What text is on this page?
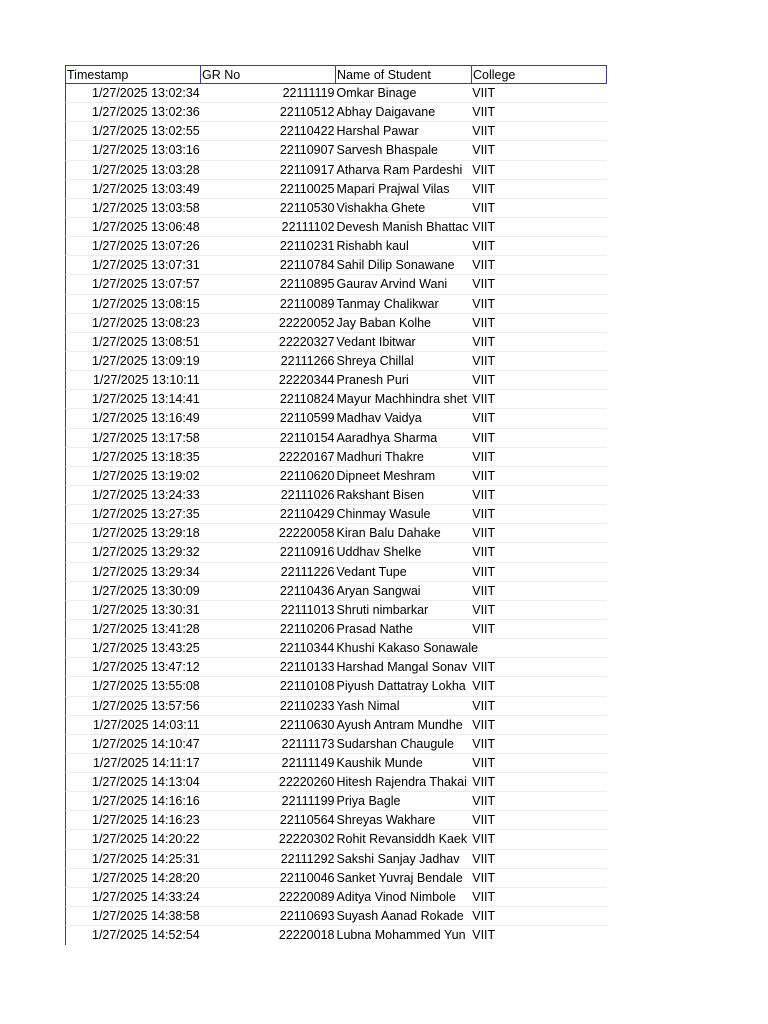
Timestamp	GR No	Name of Student	College
1/27/2025 13:02:34	22111119 Omkar Binage	VIIT
1/27/2025 13:02:36	22110512 Abhay Daigavane	VIIT
1/27/2025 13:02:55	22110422 Harshal Pawar	VIIT
1/27/2025 13:03:16	22110907 Sarvesh Bhaspale	VIIT
1/27/2025 13:03:28	22110917 Atharva Ram Pardeshi VIIT
1/27/2025 13:03:49	22110025 Mapari Prajwal Vilas	VIIT
1/27/2025 13:03:58	22110530 Vishakha Ghete	VIIT
1/27/2025 13:06:48	22111102 Devesh Manish Bhattac VIIT
1/27/2025 13:07:26	22110231 Rishabh kaul	VIIT
1/27/2025 13:07:31	22110784 Sahil Dilip Sonawane	VIIT
1/27/2025 13:07:57	22110895 Gaurav Arvind Wani	VIIT
1/27/2025 13:08:15	22110089 Tanmay Chalikwar	VIIT
1/27/2025 13:08:23	22220052 Jay Baban Kolhe	VIIT
1/27/2025 13:08:51	22220327 Vedant Ibitwar	VIIT
1/27/2025 13:09:19	22111266 Shreya Chillal	VIIT
1/27/2025 13:10:11	22220344 Pranesh Puri	VIIT
1/27/2025 13:14:41	22110824 Mayur Machhindra shet VIIT
1/27/2025 13:16:49	22110599 Madhav Vaidya	VIIT
1/27/2025 13:17:58	22110154 Aaradhya Sharma	VIIT
1/27/2025 13:18:35	22220167 Madhuri Thakre	VIIT
1/27/2025 13:19:02	22110620 Dipneet Meshram	VIIT
1/27/2025 13:24:33	22111026 Rakshant Bisen	VIIT
1/27/2025 13:27:35	22110429 Chinmay Wasule	VIIT
1/27/2025 13:29:18	22220058 Kiran Balu Dahake	VIIT
1/27/2025 13:29:32	22110916 Uddhav Shelke	VIIT
1/27/2025 13:29:34	22111226 Vedant Tupe	VIIT
1/27/2025 13:30:09	22110436 Aryan Sangwai	VIIT
1/27/2025 13:30:31	22111013 Shruti nimbarkar	VIIT
1/27/2025 13:41:28	22110206 Prasad Nathe	VIIT
1/27/2025 13:43:25	22110344 Khushi Kakaso Sonawale
1/27/2025 13:47:12	22110133 Harshad Mangal Sonav VIIT
1/27/2025 13:55:08	22110108 Piyush Dattatray Lokha VIIT
1/27/2025 13:57:56	22110233 Yash Nimal	VIIT
1/27/2025 14:03:11	22110630 Ayush Antram Mundhe VIIT
1/27/2025 14:10:47	22111173 Sudarshan Chaugule	VIIT
1/27/2025 14:11:17	22111149 Kaushik Munde	VIIT
1/27/2025 14:13:04	22220260 Hitesh Rajendra Thakai VIIT
1/27/2025 14:16:16	22111199 Priya Bagle	VIIT
1/27/2025 14:16:23	22110564 Shreyas Wakhare	VIIT
1/27/2025 14:20:22	22220302 Rohit Revansiddh Kaek VIIT
1/27/2025 14:25:31	22111292 Sakshi Sanjay Jadhav	VIIT
1/27/2025 14:28:20	22110046 Sanket Yuvraj Bendale VIIT
1/27/2025 14:33:24	22220089 Aditya Vinod Nimbole	VIIT
1/27/2025 14:38:58	22110693 Suyash Aanad Rokade VIIT
1/27/2025 14:52:54	22220018 Lubna Mohammed Yun VIIT
